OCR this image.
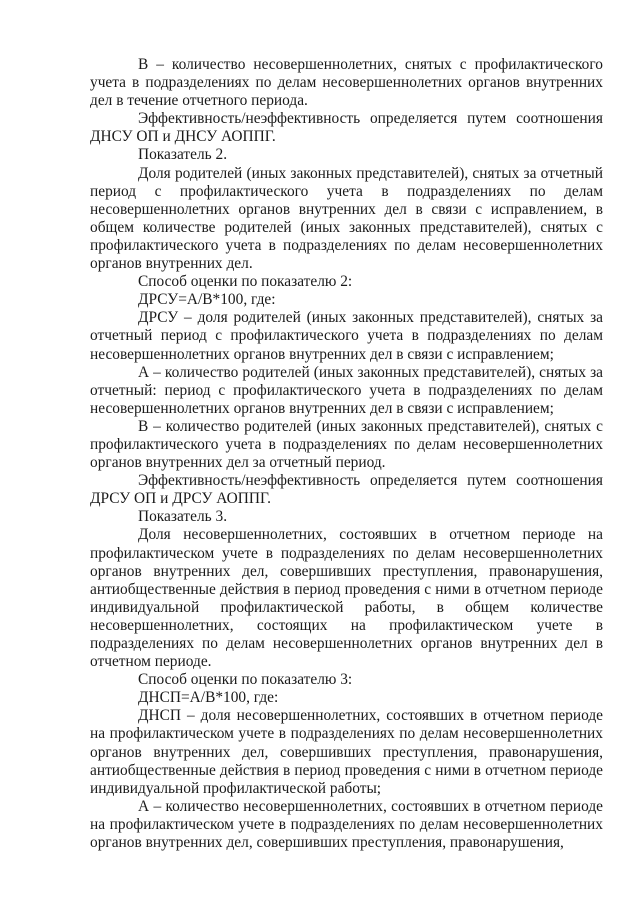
В – количество несовершеннолетних, снятых с профилактического учета в подразделениях по делам несовершеннолетних органов внутренних дел в течение отчетного периода.

Эффективность/неэффективность определяется путем соотношения ДНСУ ОП и ДНСУ АОППГ.

Показатель 2.

Доля родителей (иных законных представителей), снятых за отчетный период с профилактического учета в подразделениях по делам несовершеннолетних органов внутренних дел в связи с исправлением, в общем количестве родителей (иных законных представителей), снятых с профилактического учета в подразделениях по делам несовершеннолетних органов внутренних дел.

Способ оценки по показателю 2:

ДРСУ=А/В*100, где:

ДРСУ – доля родителей (иных законных представителей), снятых за отчетный период с профилактического учета в подразделениях по делам несовершеннолетних органов внутренних дел в связи с исправлением;

А – количество родителей (иных законных представителей), снятых за отчетный: период с профилактического учета в подразделениях по делам несовершеннолетних органов внутренних дел в связи с исправлением;

В – количество родителей (иных законных представителей), снятых с профилактического учета в подразделениях по делам несовершеннолетних органов внутренних дел за отчетный период.

Эффективность/неэффективность определяется путем соотношения ДРСУ ОП и ДРСУ АОППГ.

Показатель 3.

Доля несовершеннолетних, состоявших в отчетном периоде на профилактическом учете в подразделениях по делам несовершеннолетних органов внутренних дел, совершивших преступления, правонарушения, антиобщественные действия в период проведения с ними в отчетном периоде индивидуальной профилактической работы, в общем количестве несовершеннолетних, состоящих на профилактическом учете в подразделениях по делам несовершеннолетних органов внутренних дел в отчетном периоде.

Способ оценки по показателю 3:

ДНСП=А/В*100, где:

ДНСП – доля несовершеннолетних, состоявших в отчетном периоде на профилактическом учете в подразделениях по делам несовершеннолетних органов внутренних дел, совершивших преступления, правонарушения, антиобщественные действия в период проведения с ними в отчетном периоде индивидуальной профилактической работы;

А – количество несовершеннолетних, состоявших в отчетном периоде на профилактическом учете в подразделениях по делам несовершеннолетних органов внутренних дел, совершивших преступления, правонарушения,
